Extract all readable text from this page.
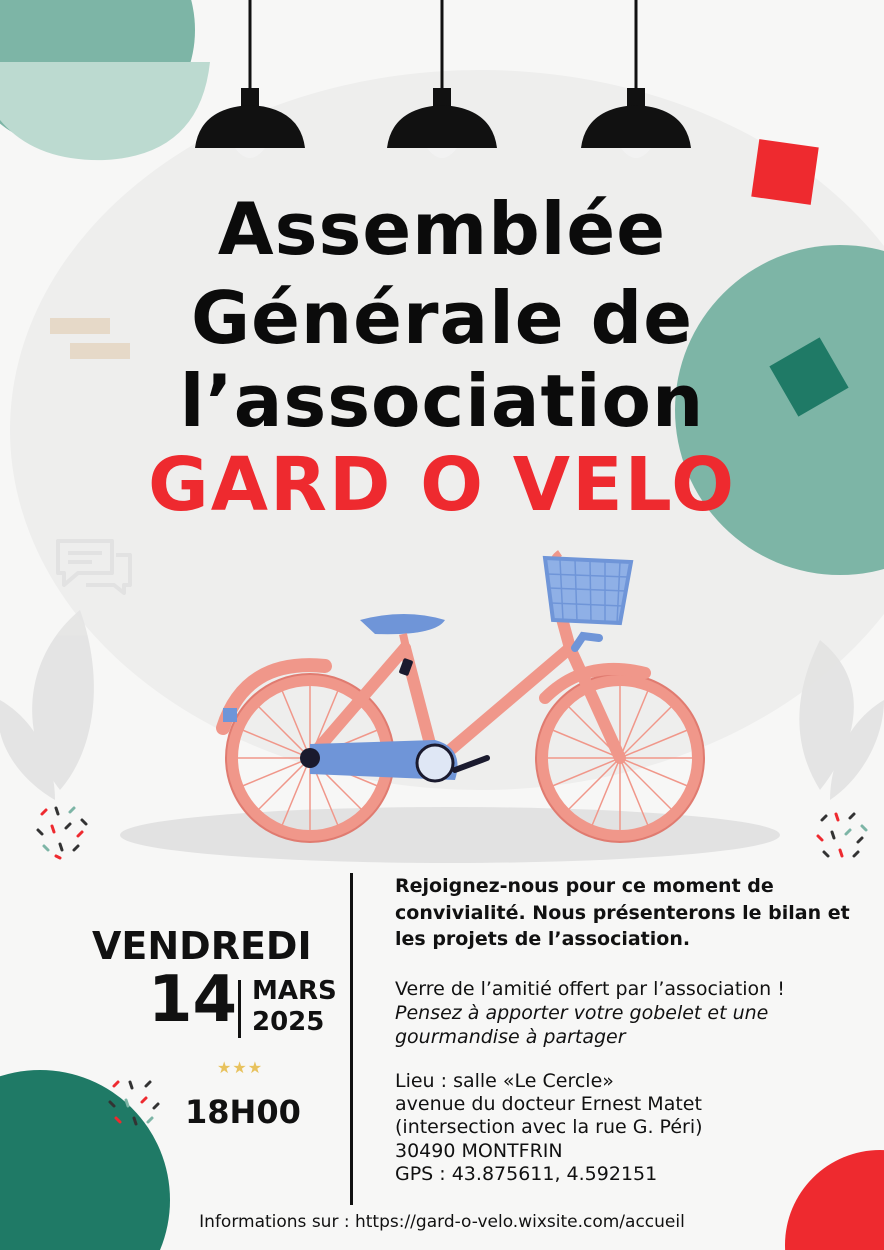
Assemblée
Générale de
l’association
GARD O VELO
VENDREDI
14 MARS
2025
★★★
18H00
Rejoignez-nous pour ce moment de convivialité. Nous présenterons le bilan et les projets de l’association.
Verre de l’amitié offert par l’association !
Pensez à apporter votre gobelet et une gourmandise à partager
Lieu : salle «Le Cercle»
avenue du docteur Ernest Matet
(intersection avec la rue G. Péri)
30490 MONTFRIN
GPS : 43.875611, 4.592151
Informations sur : https://gard-o-velo.wixsite.com/accueil
